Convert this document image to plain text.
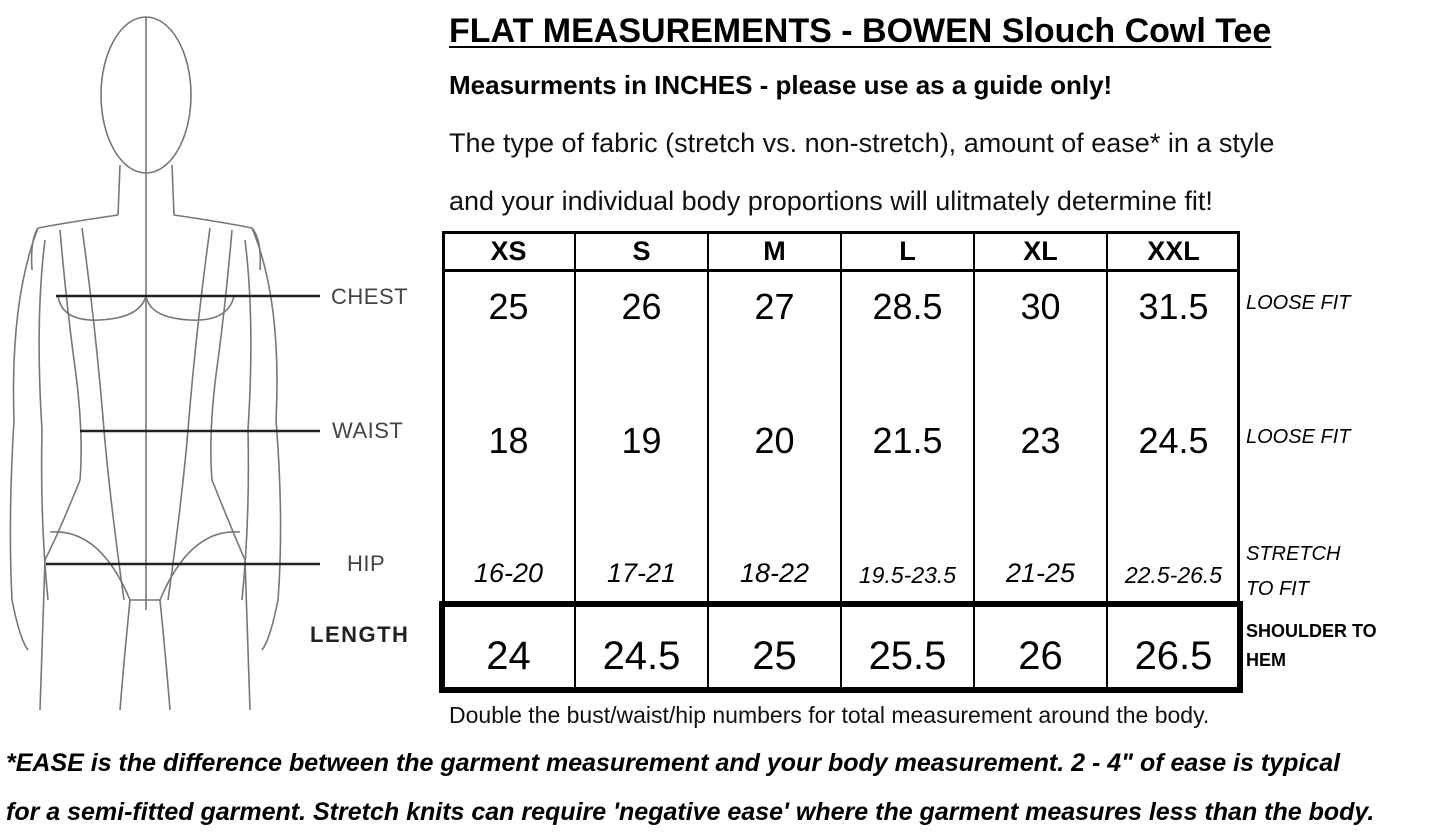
CHEST
WAIST
HIP
LENGTH
FLAT MEASUREMENTS - BOWEN Slouch Cowl Tee
Measurments in INCHES - please use as a guide only!
The type of fabric (stretch vs. non-stretch), amount of ease* in a style
and your individual body proportions will ulitmately determine fit!
XS	S	M	L	XL	XXL
25	26	27	28.5	30	31.5
18	19	20	21.5	23	24.5
16-20	17-21	18-22	19.5-23.5	21-25	22.5-26.5
24	24.5	25	25.5	26	26.5
LOOSE FIT
LOOSE FIT
STRETCH
TO FIT
SHOULDER TO
HEM
Double the bust/waist/hip numbers for total measurement around the body.
*EASE is the difference between the garment measurement and your body measurement. 2 - 4" of ease is typical
for a semi-fitted garment. Stretch knits can require 'negative ease' where the garment measures less than the body.
